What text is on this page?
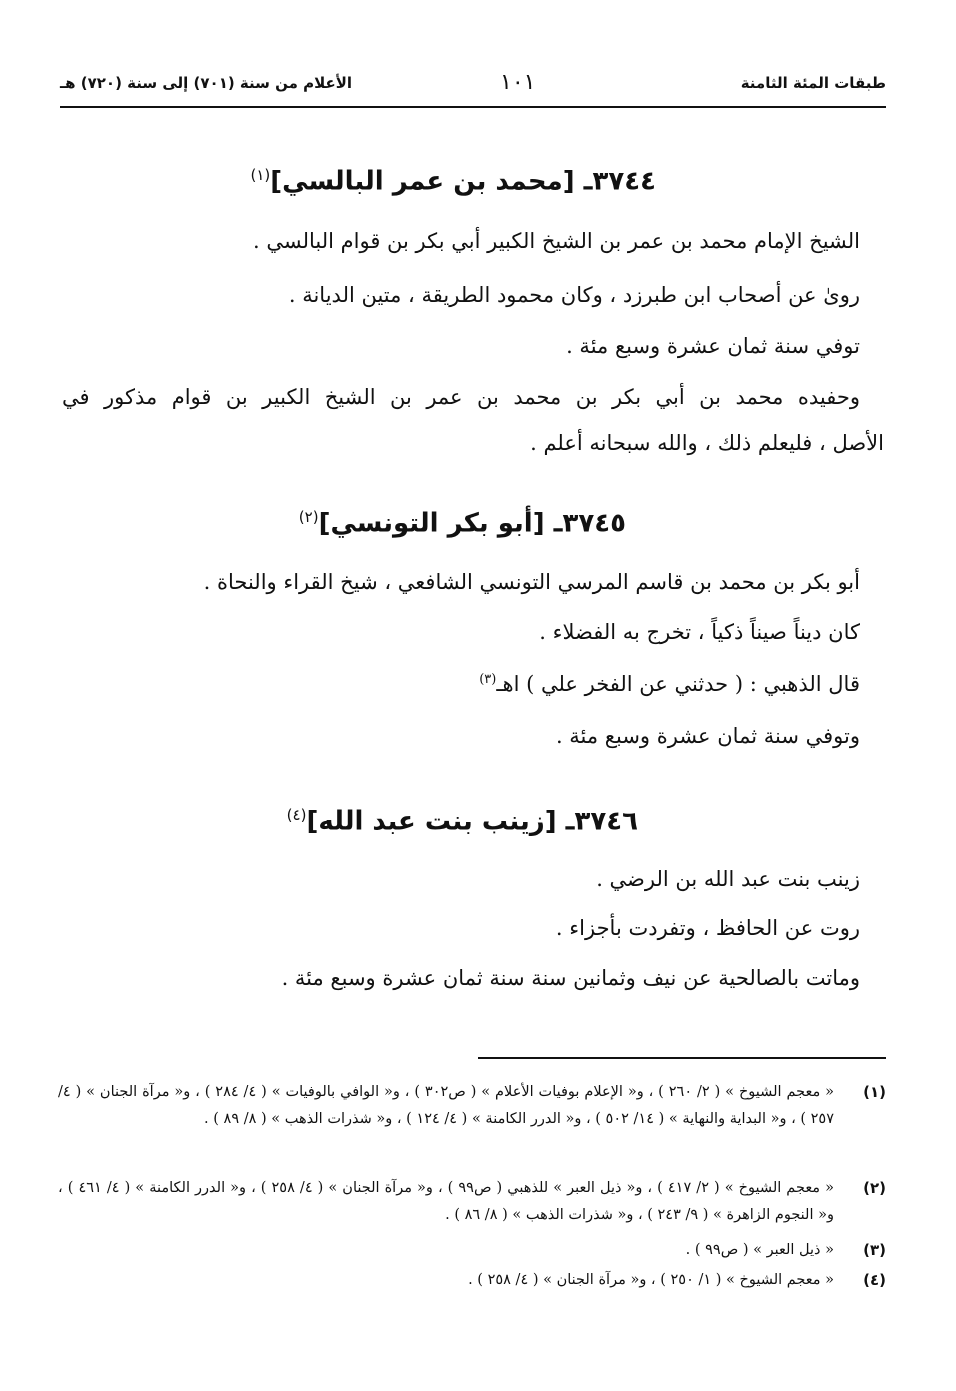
طبقات المئة الثامنة
١٠١
الأعلام من سنة (٧٠١) إلى سنة (٧٢٠) هـ
٣٧٤٤ـ [محمد بن عمر البالسي]$^{(١)}$
الشيخ الإمام محمد بن عمر بن الشيخ الكبير أبي بكر بن قوام البالسي .
رویٰ عن أصحاب ابن طبرزد ، وكان محمود الطريقة ، متين الديانة .
توفي سنة ثمان عشرة وسبع مئة .
وحفيده محمد بن أبي بكر بن محمد بن عمر بن الشيخ الكبير بن قوام مذكور في
الأصل ، فليعلم ذلك ، والله سبحانه أعلم .
٣٧٤٥ـ [أبو بكر التونسي]$^{(٢)}$
أبو بكر بن محمد بن قاسم المرسي التونسي الشافعي ، شيخ القراء والنحاة .
كان ديناً صيناً ذكياً ، تخرج به الفضلاء .
قال الذهبي : ( حدثني عن الفخر علي ) اهـ$^{(٣)}$
وتوفي سنة ثمان عشرة وسبع مئة .
٣٧٤٦ـ [زينب بنت عبد الله]$^{(٤)}$
زينب بنت عبد الله بن الرضي .
روت عن الحافظ ، وتفردت بأجزاء .
وماتت بالصالحية عن نيف وثمانين سنة سنة ثمان عشرة وسبع مئة .
(١)
« معجم الشيوخ » ( ٢/ ٢٦٠ ) ، و« الإعلام بوفيات الأعلام » ( ص٣٠٢ ) ، و« الوافي بالوفيات » ( ٤/ ٢٨٤ ) ، و« مرآة الجنان » ( ٤/ ٢٥٧ ) ، و« البداية والنهاية » ( ١٤/ ٥٠٢ ) ، و« الدرر الكامنة » ( ٤/ ١٢٤ ) ، و« شذرات الذهب » ( ٨/ ٨٩ ) .
(٢)
« معجم الشيوخ » ( ٢/ ٤١٧ ) ، و« ذيل العبر » للذهبي ( ص٩٩ ) ، و« مرآة الجنان » ( ٤/ ٢٥٨ ) ، و« الدرر الكامنة » ( ٤/ ٤٦١ ) ، و« النجوم الزاهرة » ( ٩/ ٢٤٣ ) ، و« شذرات الذهب » ( ٨/ ٨٦ ) .
(٣)
« ذيل العبر » ( ص٩٩ ) .
(٤)
« معجم الشيوخ » ( ١/ ٢٥٠ ) ، و« مرآة الجنان » ( ٤/ ٢٥٨ ) .
